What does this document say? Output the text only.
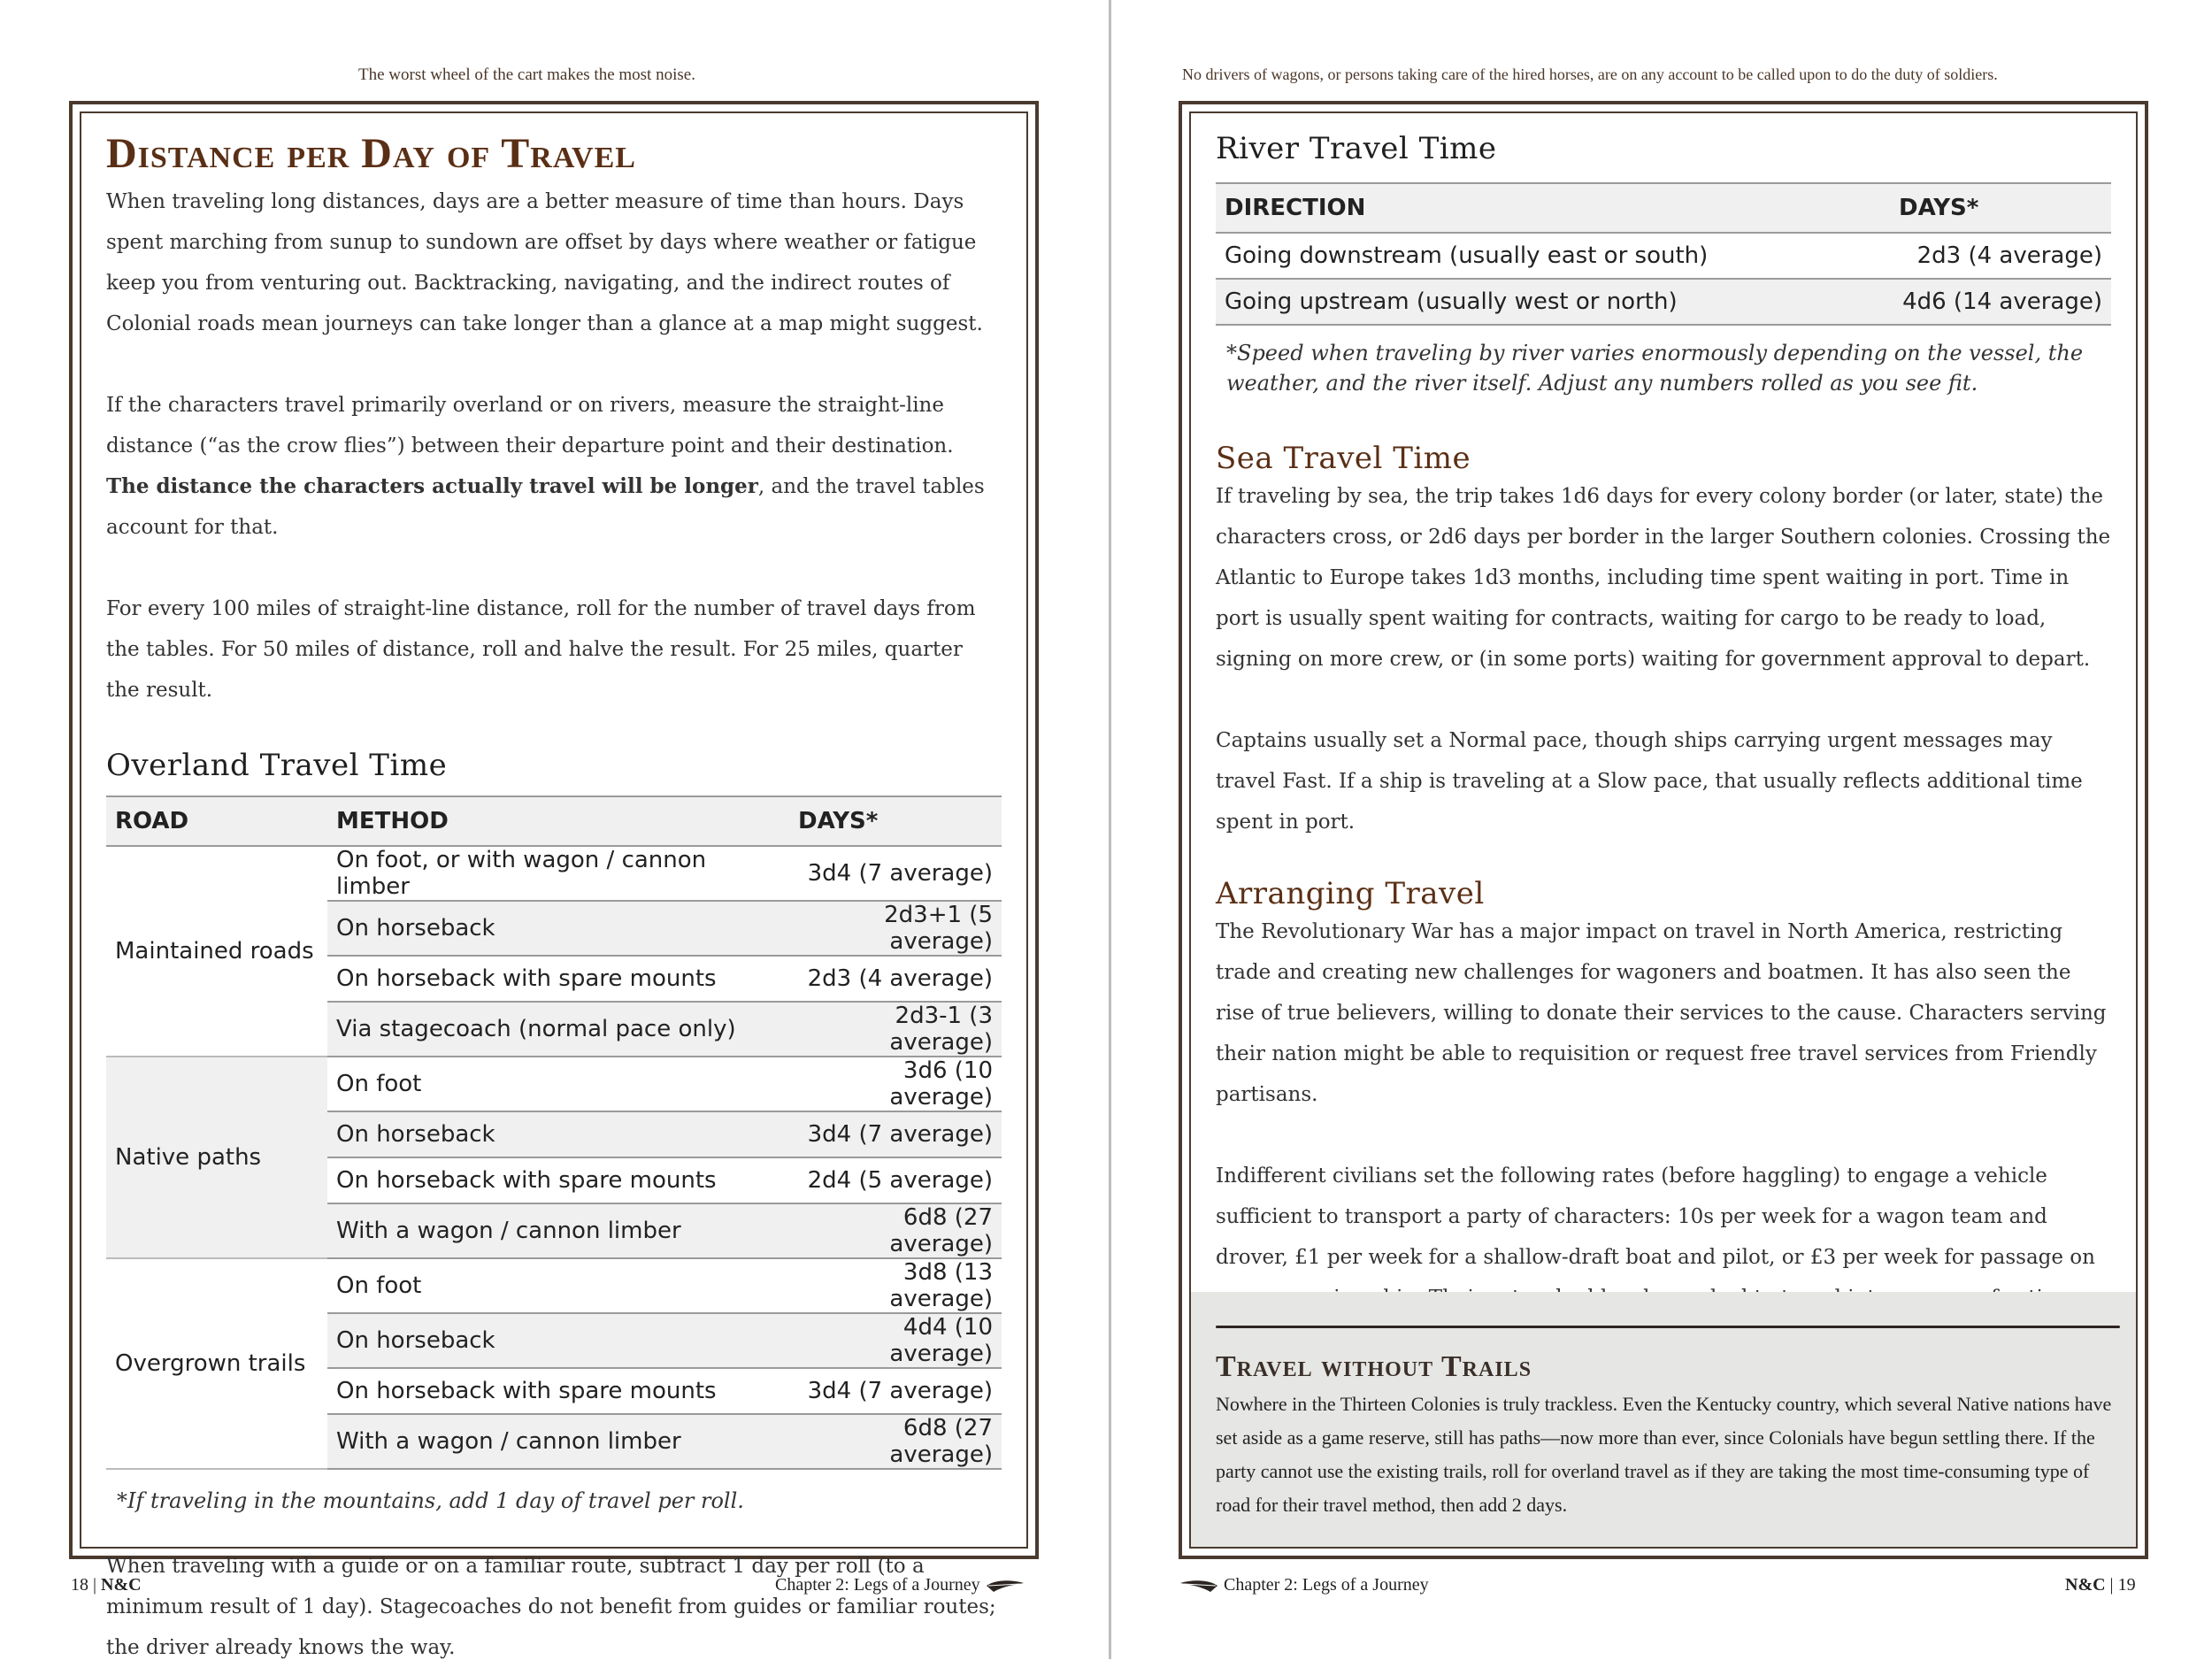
The worst wheel of the cart makes the most noise.
Distance per Day of Travel

When traveling long distances, days are a better measure of time than hours. Days spent marching from sunup to sundown are offset by days where weather or fatigue keep you from venturing out. Backtracking, navigating, and the indirect routes of Colonial roads mean journeys can take longer than a glance at a map might suggest.

If the characters travel primarily overland or on rivers, measure the straight-line distance (“as the crow flies”) between their departure point and their destination. The distance the characters actually travel will be longer, and the travel tables account for that.

For every 100 miles of straight-line distance, roll for the number of travel days from the tables. For 50 miles of distance, roll and halve the result. For 25 miles, quarter the result.

Overland Travel Time
ROAD	METHOD	DAYS*
Maintained roads	On foot, or with wagon / cannon limber	3d4 (7 average)
	On horseback	2d3+1 (5 average)
	On horseback with spare mounts	2d3 (4 average)
	Via stagecoach (normal pace only)	2d3-1 (3 average)
Native paths	On foot	3d6 (10 average)
	On horseback	3d4 (7 average)
	On horseback with spare mounts	2d4 (5 average)
	With a wagon / cannon limber	6d8 (27 average)
Overgrown trails	On foot	3d8 (13 average)
	On horseback	4d4 (10 average)
	On horseback with spare mounts	3d4 (7 average)
	With a wagon / cannon limber	6d8 (27 average)
*If traveling in the mountains, add 1 day of travel per roll.

When traveling with a guide or on a familiar route, subtract 1 day per roll (to a minimum result of 1 day). Stagecoaches do not benefit from guides or familiar routes; the driver already knows the way.

18 | N&C	Chapter 2: Legs of a Journey
No drivers of wagons, or persons taking care of the hired horses, are on any account to be called upon to do the duty of soldiers.
River Travel Time
DIRECTION	DAYS*
Going downstream (usually east or south)	2d3 (4 average)
Going upstream (usually west or north)	4d6 (14 average)
*Speed when traveling by river varies enormously depending on the vessel, the weather, and the river itself. Adjust any numbers rolled as you see fit.
Sea Travel Time

If traveling by sea, the trip takes 1d6 days for every colony border (or later, state) the characters cross, or 2d6 days per border in the larger Southern colonies. Crossing the Atlantic to Europe takes 1d3 months, including time spent waiting in port. Time in port is usually spent waiting for contracts, waiting for cargo to be ready to load, signing on more crew, or (in some ports) waiting for government approval to depart.

Captains usually set a Normal pace, though ships carrying urgent messages may travel Fast. If a ship is traveling at a Slow pace, that usually reflects additional time spent in port.

Arranging Travel

The Revolutionary War has a major impact on travel in North America, restricting trade and creating new challenges for wagoners and boatmen. It has also seen the rise of true believers, willing to donate their services to the cause. Characters serving their nation might be able to requisition or request free travel services from Friendly partisans.

Indifferent civilians set the following rates (before haggling) to engage a vehicle sufficient to transport a party of characters: 10s per week for a wagon team and drover, £1 per week for a shallow-draft boat and pilot, or £3 per week for passage on

Travel without Trails
Nowhere in the Thirteen Colonies is truly trackless. Even the Kentucky country, which several Native nations have set aside as a game reserve, still has paths—now more than ever, since Colonials have begun settling there. If the party cannot use the existing trails, roll for overland travel as if they are taking the most time-consuming type of road for their travel method, then add 2 days.
Chapter 2: Legs of a Journey	N&C | 19
